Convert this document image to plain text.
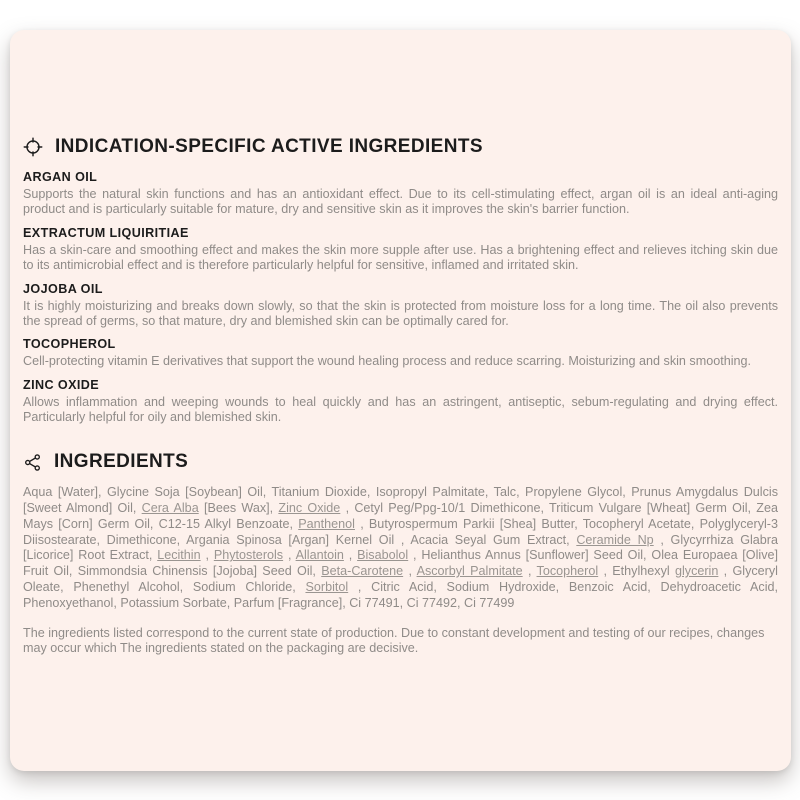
INDICATION-SPECIFIC ACTIVE INGREDIENTS
ARGAN OIL

Supports the natural skin functions and has an antioxidant effect. Due to its cell-stimulating effect, argan oil is an ideal anti-aging product and is particularly suitable for mature, dry and sensitive skin as it improves the skin's barrier function.

EXTRACTUM LIQUIRITIAE

Has a skin-care and smoothing effect and makes the skin more supple after use. Has a brightening effect and relieves itching skin due to its antimicrobial effect and is therefore particularly helpful for sensitive, inflamed and irritated skin.

JOJOBA OIL

It is highly moisturizing and breaks down slowly, so that the skin is protected from moisture loss for a long time. The oil also prevents the spread of germs, so that mature, dry and blemished skin can be optimally cared for.

TOCOPHEROL

Cell-protecting vitamin E derivatives that support the wound healing process and reduce scarring. Moisturizing and skin smoothing.

ZINC OXIDE

Allows inflammation and weeping wounds to heal quickly and has an astringent, antiseptic, sebum-regulating and drying effect. Particularly helpful for oily and blemished skin.

INGREDIENTS

Aqua [Water], Glycine Soja [Soybean] Oil, Titanium Dioxide, Isopropyl Palmitate, Talc, Propylene Glycol, Prunus Amygdalus Dulcis [Sweet Almond] Oil, Cera Alba [Bees Wax], Zinc Oxide , Cetyl Peg/Ppg-10/1 Dimethicone, Triticum Vulgare [Wheat] Germ Oil, Zea Mays [Corn] Germ Oil, C12-15 Alkyl Benzoate, Panthenol , Butyrospermum Parkii [Shea] Butter, Tocopheryl Acetate, Polyglyceryl-3 Diisostearate, Dimethicone, Argania Spinosa [Argan] Kernel Oil , Acacia Seyal Gum Extract, Ceramide Np , Glycyrrhiza Glabra [Licorice] Root Extract, Lecithin , Phytosterols , Allantoin , Bisabolol , Helianthus Annus [Sunflower] Seed Oil, Olea Europaea [Olive] Fruit Oil, Simmondsia Chinensis [Jojoba] Seed Oil, Beta-Carotene , Ascorbyl Palmitate , Tocopherol , Ethylhexyl glycerin , Glyceryl Oleate, Phenethyl Alcohol, Sodium Chloride, Sorbitol , Citric Acid, Sodium Hydroxide, Benzoic Acid, Dehydroacetic Acid, Phenoxyethanol, Potassium Sorbate, Parfum [Fragrance], Ci 77491, Ci 77492, Ci 77499

The ingredients listed correspond to the current state of production. Due to constant development and testing of our recipes, changes may occur which The ingredients stated on the packaging are decisive.
